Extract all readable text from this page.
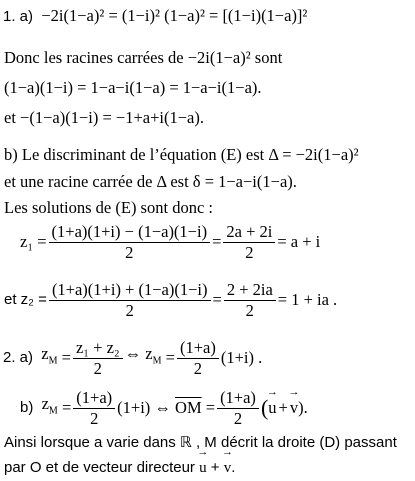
1. a) −2i(1−a)² = (1−i)² (1−a)² = [(1−i)(1−a)]²
Donc les racines carrées de −2i(1−a)² sont
(1−a)(1−i) = 1−a−i(1−a) = 1−a−i(1−a).
et −(1−a)(1−i) = −1+a+i(1−a).
b) Le discriminant de l’équation (E) est Δ = −2i(1−a)²
et une racine carrée de Δ est δ = 1−a−i(1−a).
Les solutions de (E) sont donc :
$z_1 = \frac{(1+a)(1+i) - (1-a)(1-i)}{2} = \frac{2a + 2i}{2} = a + i$
et $z_2 = \frac{(1+a)(1+i) + (1-a)(1-i)}{2} = \frac{2 + 2ia}{2} = 1$ + ia .
2. a)
$z_M$
= $\frac{\text{z₁ + z₂}}{2}$ ⇔ $z_M$
= $\frac{(1+a)}{2} (1+i)$ .
b)
$z_M$
= $\frac{(1+a)}{2} (1+i)$ ⇔
$\overline{OM}$
= $\frac{(1+a)}{2}$ ( → u + → v ).
Ainsi lorsque a varie dans ℝ , M décrit la droite (D) passant
par O et de vecteur directeur → u + → v.
